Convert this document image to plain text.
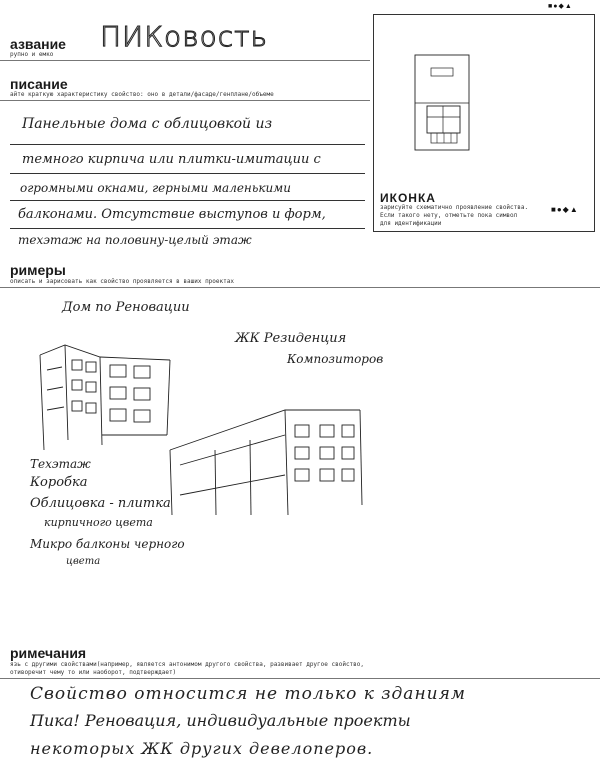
■●◆▲
азвание
рупно и емко
ПИКовость
писание
айте краткую характеристику свойство: оно в детали/фасаде/генплане/объеме
Панельные дома с облицовкой из
темного кирпича или плитки-имитации с
огромными окнами, герными маленькими
балконами. Отсутствие выступов и форм,
техэтаж на половину-целый этаж
ИКОНКА
■●◆▲
зарисуйте схематично проявление свойства.
Если такого нету, отметьте пока символ
для идентификации
римеры
описать и зарисовать как свойство проявляется в ваших проектах
Дом по Реновации
ЖК Резиденция
Композиторов
Техэтаж
Коробка
Облицовка - плитка
кирпичного цвета
Микро балконы черного
цвета
римечания
язь с другими свойствами(например, является антонимом другого свойства, развивает другое свойство,
отиворечит чему то или наоборот, подтверждает)
Свойство относится не только к зданиям
Пика! Реновация, индивидуальные проекты
некоторых ЖК других девелоперов.
